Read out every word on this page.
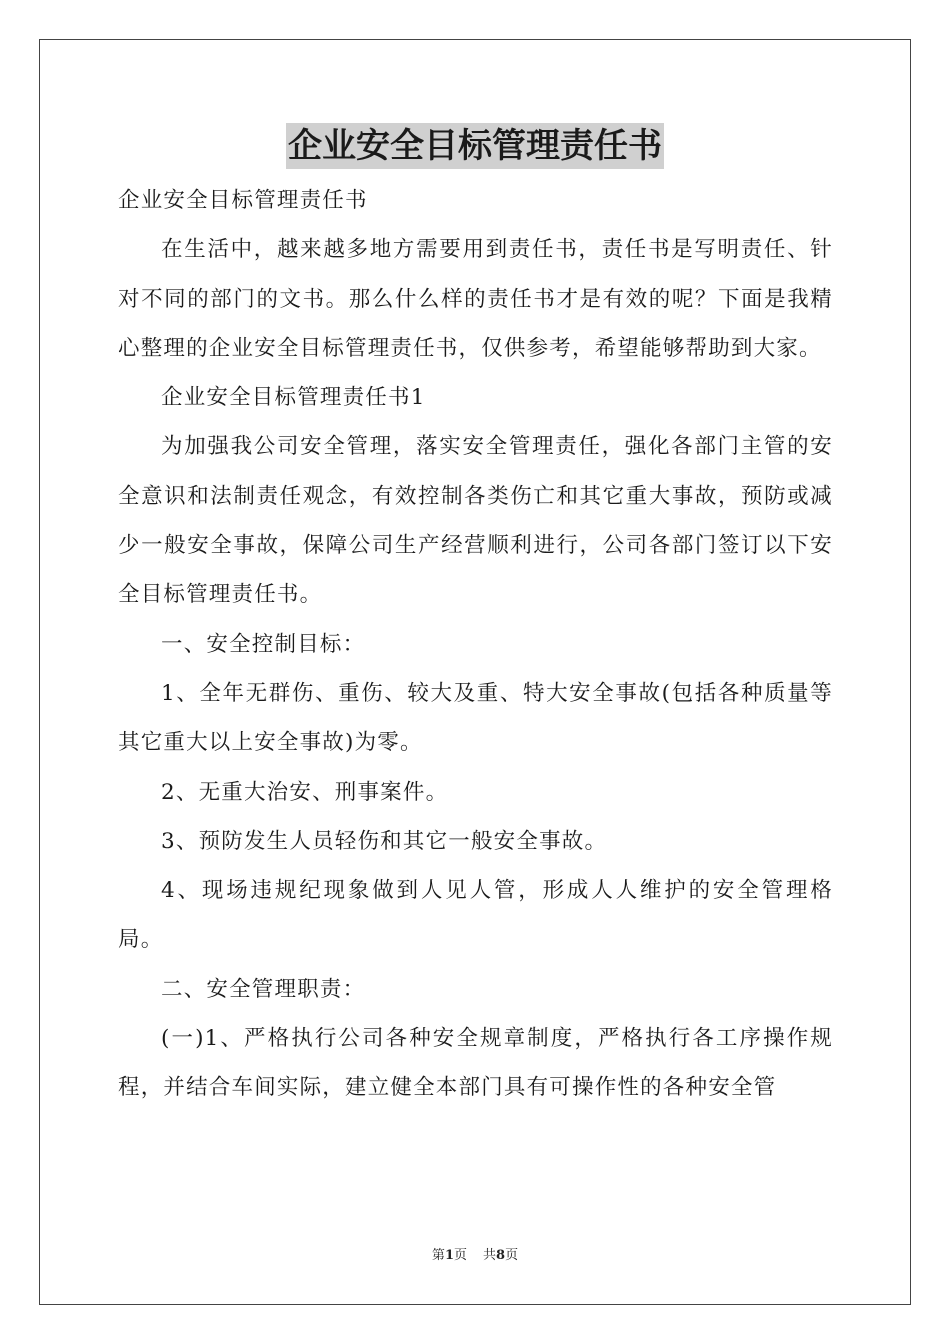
企业安全目标管理责任书

企业安全目标管理责任书

在生活中，越来越多地方需要用到责任书，责任书是写明责任、针对不同的部门的文书。那么什么样的责任书才是有效的呢？下面是我精心整理的企业安全目标管理责任书，仅供参考，希望能够帮助到大家。

企业安全目标管理责任书1

为加强我公司安全管理，落实安全管理责任，强化各部门主管的安全意识和法制责任观念，有效控制各类伤亡和其它重大事故，预防或减少一般安全事故，保障公司生产经营顺利进行，公司各部门签订以下安全目标管理责任书。

一、安全控制目标：

1、全年无群伤、重伤、较大及重、特大安全事故(包括各种质量等其它重大以上安全事故)为零。

2、无重大治安、刑事案件。

3、预防发生人员轻伤和其它一般安全事故。

4、现场违规纪现象做到人见人管，形成人人维护的安全管理格局。

二、安全管理职责：

(一)1、严格执行公司各种安全规章制度，严格执行各工序操作规程，并结合车间实际，建立健全本部门具有可操作性的各种安全管

第1页 共8页
